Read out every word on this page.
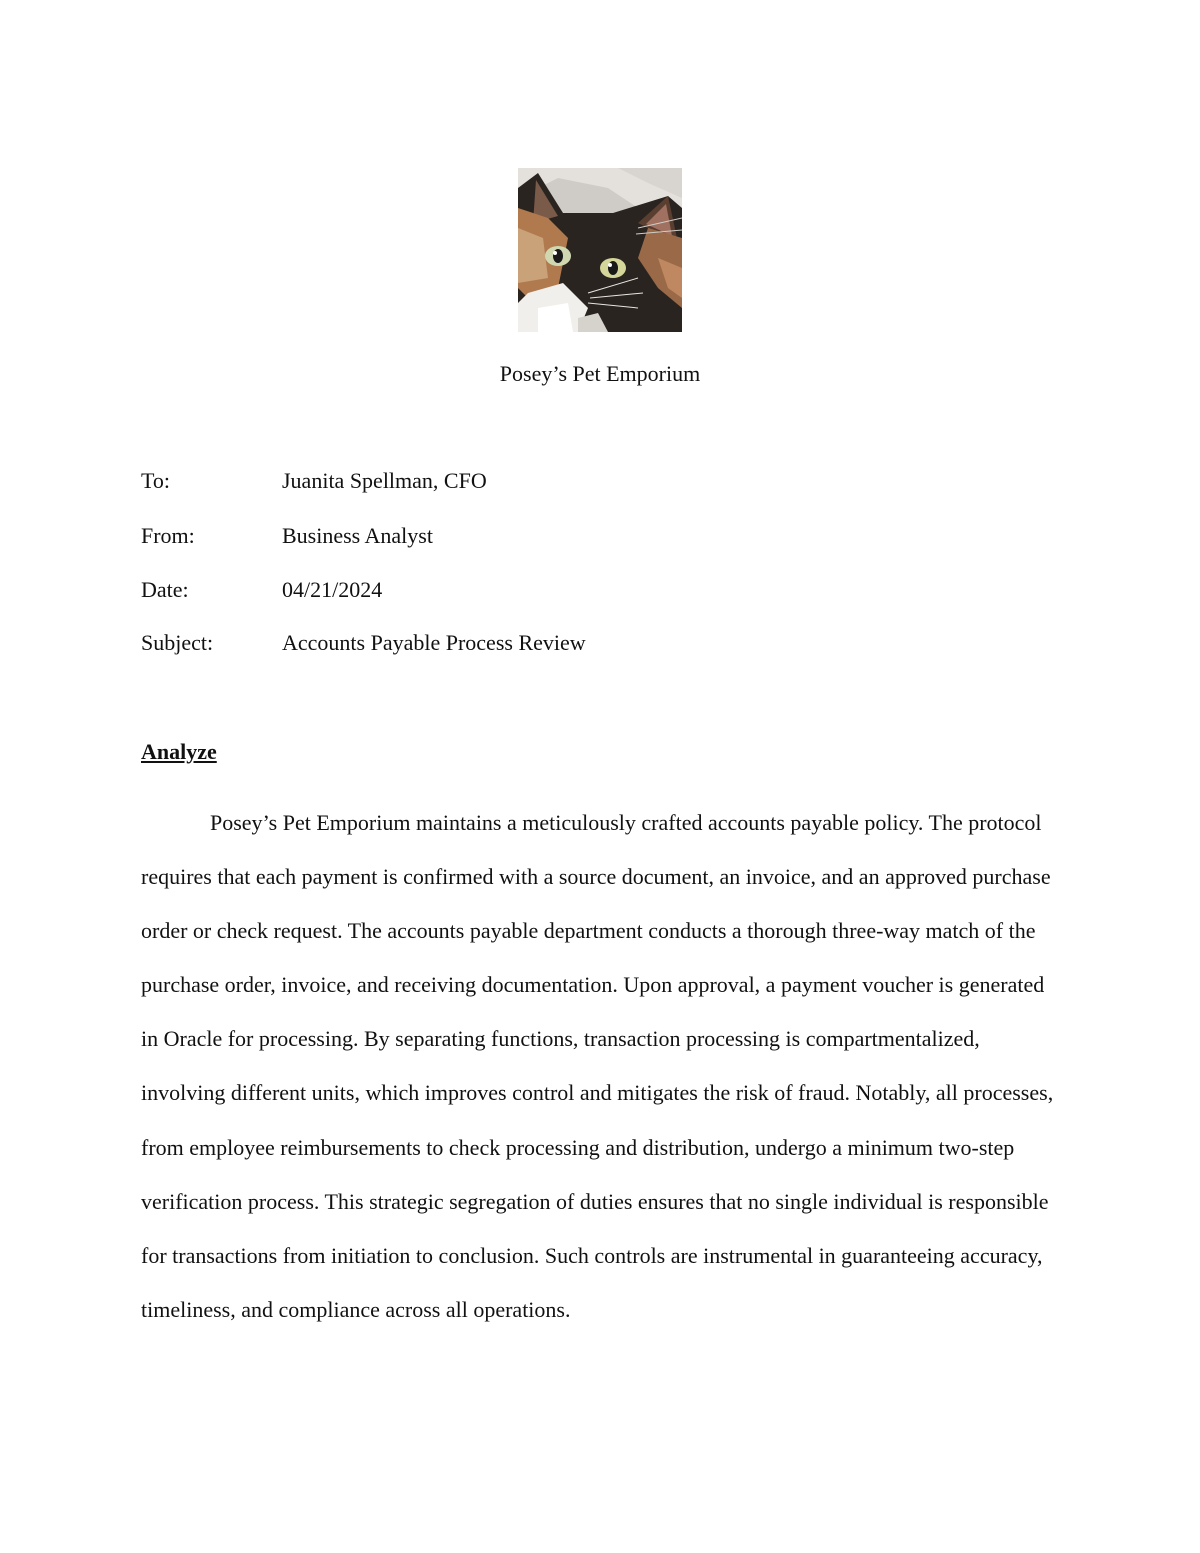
Posey’s Pet Emporium
To:	Juanita Spellman, CFO
From:	Business Analyst
Date:	04/21/2024
Subject:	Accounts Payable Process Review
Analyze

Posey’s Pet Emporium maintains a meticulously crafted accounts payable policy. The protocol requires that each payment is confirmed with a source document, an invoice, and an approved purchase order or check request. The accounts payable department conducts a thorough three-way match of the purchase order, invoice, and receiving documentation. Upon approval, a payment voucher is generated in Oracle for processing. By separating functions, transaction processing is compartmentalized, involving different units, which improves control and mitigates the risk of fraud. Notably, all processes, from employee reimbursements to check processing and distribution, undergo a minimum two-step verification process. This strategic segregation of duties ensures that no single individual is responsible for transactions from initiation to conclusion. Such controls are instrumental in guaranteeing accuracy, timeliness, and compliance across all operations.
